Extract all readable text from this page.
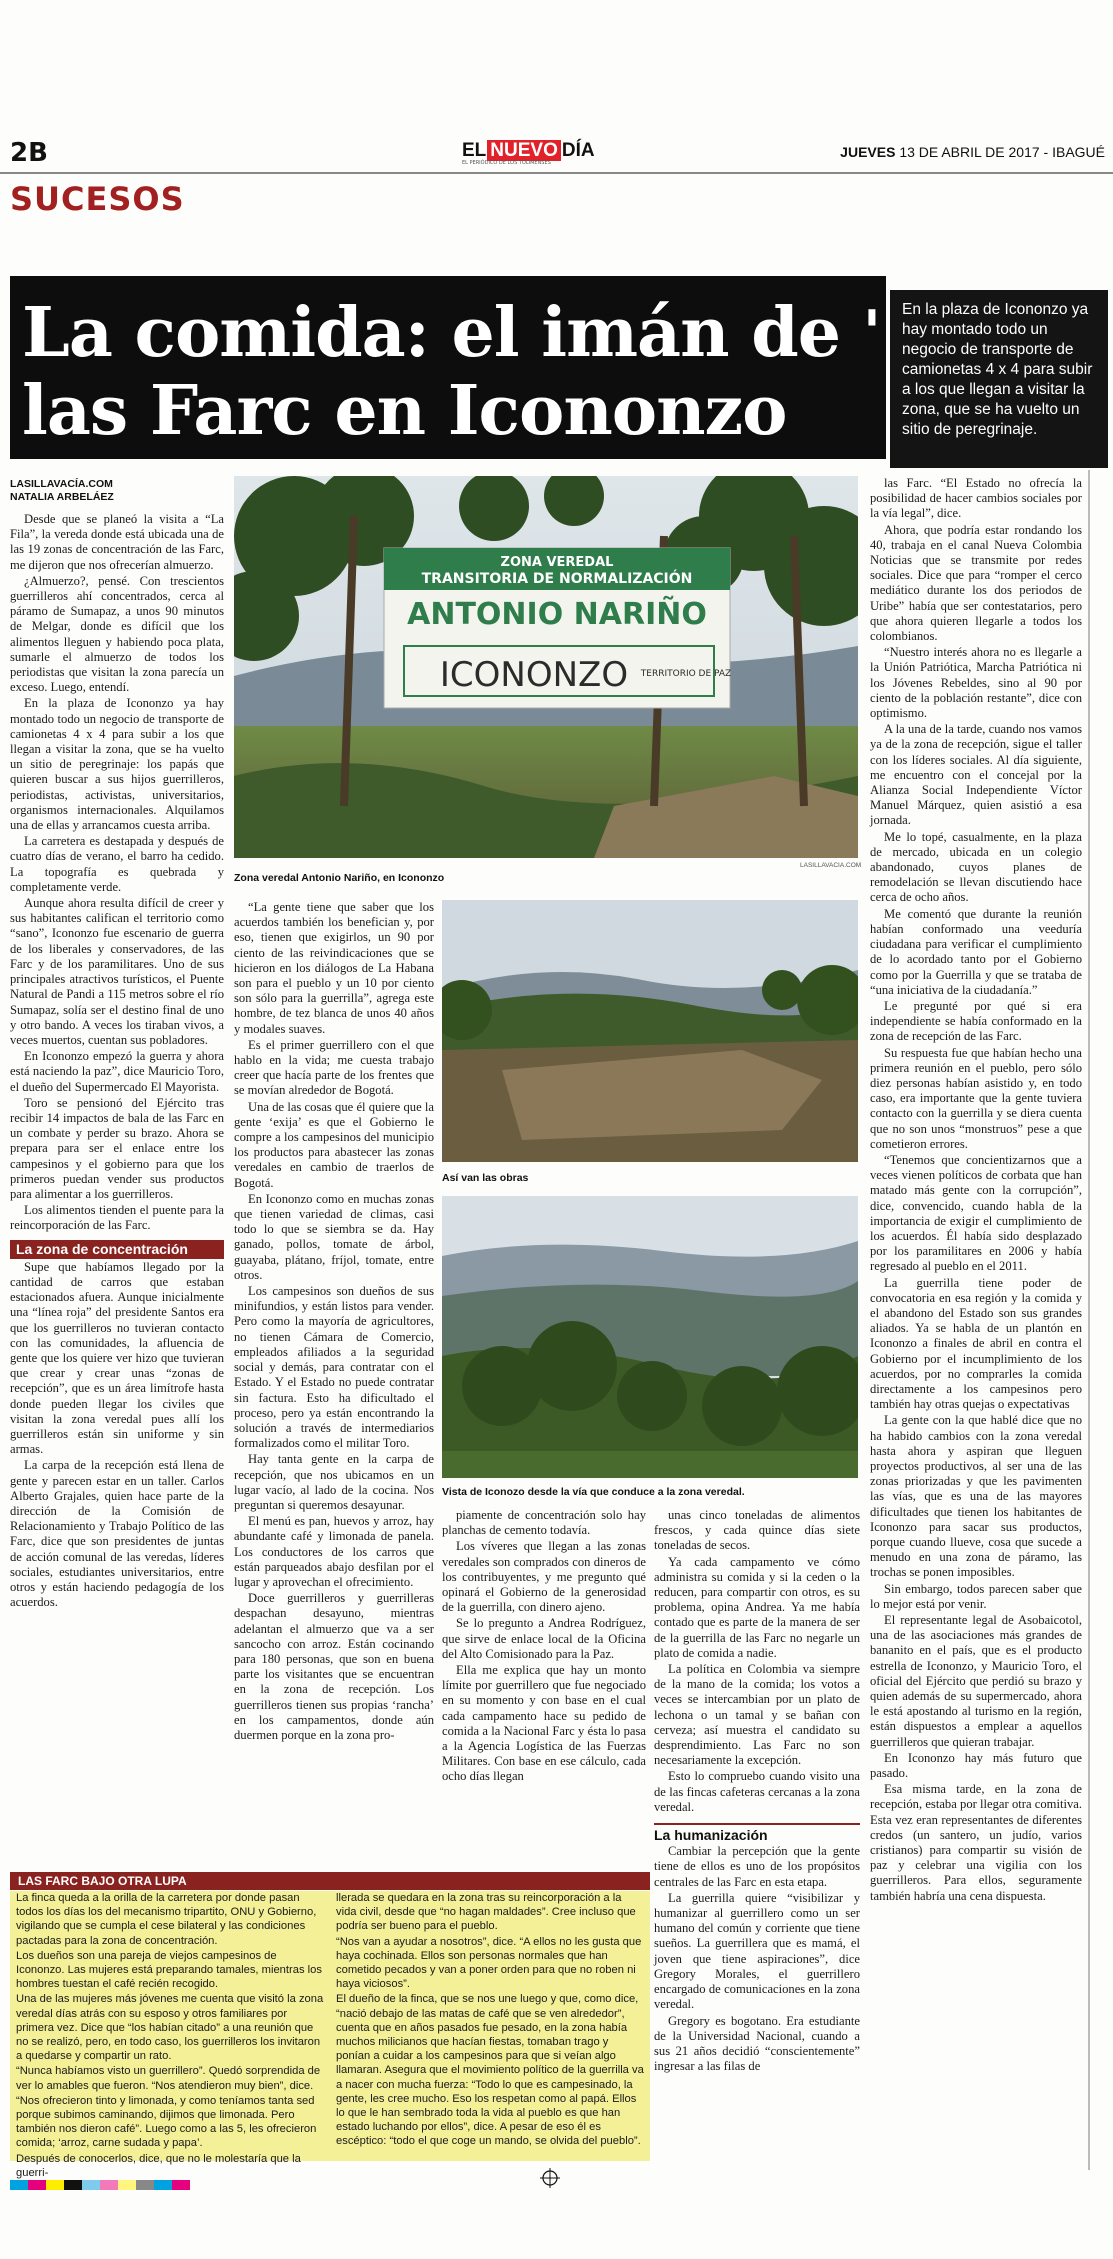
2B	EL NUEVO DÍA
EL PERIÓDICO DE LOS TOLIMENSES
JUEVES 13 DE ABRIL DE 2017 - IBAGUÉ
SUCESOS
La comida: el imán de '
las Farc en Icononzo
En la plaza de Icononzo ya hay montado todo un negocio de transporte de camionetas 4 x 4 para subir a los que llegan a visitar la zona, que se ha vuelto un sitio de peregrinaje.
LASILLAVACÍA.COM
NATALIA ARBELÁEZ

Desde que se planeó la visita a “La Fila”, la vereda donde está ubicada una de las 19 zonas de concentración de las Farc, me dijeron que nos ofrecerían almuerzo.

¿Almuerzo?, pensé. Con trescientos guerrilleros ahí concentrados, cerca al páramo de Sumapaz, a unos 90 minutos de Melgar, donde es difícil que los alimentos lleguen y habiendo poca plata, sumarle el almuerzo de todos los periodistas que visitan la zona parecía un exceso. Luego, entendí.

En la plaza de Icononzo ya hay montado todo un negocio de transporte de camionetas 4 x 4 para subir a los que llegan a visitar la zona, que se ha vuelto un sitio de peregrinaje: los papás que quieren buscar a sus hijos guerrilleros, periodistas, activistas, universitarios, organismos internacionales. Alquilamos una de ellas y arrancamos cuesta arriba.

La carretera es destapada y después de cuatro días de verano, el barro ha cedido. La topografía es quebrada y completamente verde.

Aunque ahora resulta difícil de creer y sus habitantes califican el territorio como “sano”, Icononzo fue escenario de guerra de los liberales y conservadores, de las Farc y de los paramilitares. Uno de sus principales atractivos turísticos, el Puente Natural de Pandi a 115 metros sobre el río Sumapaz, solía ser el destino final de uno y otro bando. A veces los tiraban vivos, a veces muertos, cuentan sus pobladores.

En Icononzo empezó la guerra y ahora está naciendo la paz”, dice Mauricio Toro, el dueño del Supermercado El Mayorista.

Toro se pensionó del Ejército tras recibir 14 impactos de bala de las Farc en un combate y perder su brazo. Ahora se prepara para ser el enlace entre los campesinos y el gobierno para que los primeros puedan vender sus productos para alimentar a los guerrilleros.

Los alimentos tienden el puente para la reincorporación de las Farc.

La zona de concentración

Supe que habíamos llegado por la cantidad de carros que estaban estacionados afuera. Aunque inicialmente una “línea roja” del presidente Santos era que los guerrilleros no tuvieran contacto con las comunidades, la afluencia de gente que los quiere ver hizo que tuvieran que crear y crear unas “zonas de recepción”, que es un área limítrofe hasta donde pueden llegar los civiles que visitan la zona veredal pues allí los guerrilleros están sin uniforme y sin armas.

La carpa de la recepción está llena de gente y parecen estar en un taller. Carlos Alberto Grajales, quien hace parte de la dirección de la Comisión de Relacionamiento y Trabajo Político de las Farc, dice que son presidentes de juntas de acción comunal de las veredas, líderes sociales, estudiantes universitarios, entre otros y están haciendo pedagogía de los acuerdos.

ZONA VEREDAL
TRANSITORIA DE NORMALIZACIÓN
ANTONIO NARIÑO
ICONONZO TERRITORIO DE PAZ
Zona veredal Antonio Nariño, en Icononzo
LASILLAVACIA.COM

“La gente tiene que saber que los acuerdos también los benefician y, por eso, tienen que exigirlos, un 90 por ciento de las reivindicaciones que se hicieron en los diálogos de La Habana son para el pueblo y un 10 por ciento son sólo para la guerrilla”, agrega este hombre, de tez blanca de unos 40 años y modales suaves.

Es el primer guerrillero con el que hablo en la vida; me cuesta trabajo creer que hacía parte de los frentes que se movían alrededor de Bogotá.

Una de las cosas que él quiere que la gente ‘exija’ es que el Gobierno le compre a los campesinos del municipio los productos para abastecer las zonas veredales en cambio de traerlos de Bogotá.

En Icononzo como en muchas zonas que tienen variedad de climas, casi todo lo que se siembra se da. Hay ganado, pollos, tomate de árbol, guayaba, plátano, fríjol, tomate, entre otros.

Los campesinos son dueños de sus minifundios, y están listos para vender. Pero como la mayoría de agricultores, no tienen Cámara de Comercio, empleados afiliados a la seguridad social y demás, para contratar con el Estado. Y el Estado no puede contratar sin factura. Esto ha dificultado el proceso, pero ya están encontrando la solución a través de intermediarios formalizados como el militar Toro.

Hay tanta gente en la carpa de recepción, que nos ubicamos en un lugar vacío, al lado de la cocina. Nos preguntan si queremos desayunar.

El menú es pan, huevos y arroz, hay abundante café y limonada de panela. Los conductores de los carros que están parqueados abajo desfilan por el lugar y aprovechan el ofrecimiento.

Doce guerrilleros y guerrilleras despachan desayuno, mientras adelantan el almuerzo que va a ser sancocho con arroz. Están cocinando para 180 personas, que son en buena parte los visitantes que se encuentran en la zona de recepción. Los guerrilleros tienen sus propias ‘rancha’ en los campamentos, donde aún duermen porque en la zona pro-

Así van las obras
Vista de Iconozo desde la vía que conduce a la zona veredal.

piamente de concentración solo hay planchas de cemento todavía.

Los víveres que llegan a las zonas veredales son comprados con dineros de los contribuyentes, y me pregunto qué opinará el Gobierno de la generosidad de la guerrilla, con dinero ajeno.

Se lo pregunto a Andrea Rodríguez, que sirve de enlace local de la Oficina del Alto Comisionado para la Paz.

Ella me explica que hay un monto límite por guerrillero que fue negociado en su momento y con base en el cual cada campamento hace su pedido de comida a la Nacional Farc y ésta lo pasa a la Agencia Logística de las Fuerzas Militares. Con base en ese cálculo, cada ocho días llegan

unas cinco toneladas de alimentos frescos, y cada quince días siete toneladas de secos.

Ya cada campamento ve cómo administra su comida y si la ceden o la reducen, para compartir con otros, es su problema, opina Andrea. Ya me había contado que es parte de la manera de ser de la guerrilla de las Farc no negarle un plato de comida a nadie.

La política en Colombia va siempre de la mano de la comida; los votos a veces se intercambian por un plato de lechona o un tamal y se bañan con cerveza; así muestra el candidato su desprendimiento. Las Farc no son necesariamente la excepción.

Esto lo compruebo cuando visito una de las fincas cafeteras cercanas a la zona veredal.

La humanización

Cambiar la percepción que la gente tiene de ellos es uno de los propósitos centrales de las Farc en esta etapa.

La guerrilla quiere “visibilizar y humanizar al guerrillero como un ser humano del común y corriente que tiene sueños. La guerrillera que es mamá, el joven que tiene aspiraciones”, dice Gregory Morales, el guerrillero encargado de comunicaciones en la zona veredal.

Gregory es bogotano. Era estudiante de la Universidad Nacional, cuando a sus 21 años decidió “conscientemente” ingresar a las filas de

las Farc. “El Estado no ofrecía la posibilidad de hacer cambios sociales por la vía legal”, dice.

Ahora, que podría estar rondando los 40, trabaja en el canal Nueva Colombia Noticias que se transmite por redes sociales. Dice que para “romper el cerco mediático durante los dos periodos de Uribe” había que ser contestatarios, pero que ahora quieren llegarle a todos los colombianos.

“Nuestro interés ahora no es llegarle a la Unión Patriótica, Marcha Patriótica ni los Jóvenes Rebeldes, sino al 90 por ciento de la población restante”, dice con optimismo.

A la una de la tarde, cuando nos vamos ya de la zona de recepción, sigue el taller con los líderes sociales. Al día siguiente, me encuentro con el concejal por la Alianza Social Independiente Víctor Manuel Márquez, quien asistió a esa jornada.

Me lo topé, casualmente, en la plaza de mercado, ubicada en un colegio abandonado, cuyos planes de remodelación se llevan discutiendo hace cerca de ocho años.

Me comentó que durante la reunión habían conformado una veeduría ciudadana para verificar el cumplimiento de lo acordado tanto por el Gobierno como por la Guerrilla y que se trataba de “una iniciativa de la ciudadanía.”

Le pregunté por qué si era independiente se había conformado en la zona de recepción de las Farc.

Su respuesta fue que habían hecho una primera reunión en el pueblo, pero sólo diez personas habían asistido y, en todo caso, era importante que la gente tuviera contacto con la guerrilla y se diera cuenta que no son unos “monstruos” pese a que cometieron errores.

“Tenemos que concientizarnos que a veces vienen políticos de corbata que han matado más gente con la corrupción”, dice, convencido, cuando habla de la importancia de exigir el cumplimiento de los acuerdos. Él había sido desplazado por los paramilitares en 2006 y había regresado al pueblo en el 2011.

La guerrilla tiene poder de convocatoria en esa región y la comida y el abandono del Estado son sus grandes aliados. Ya se habla de un plantón en Icononzo a finales de abril en contra el Gobierno por el incumplimiento de los acuerdos, por no comprarles la comida directamente a los campesinos pero también hay otras quejas o expectativas

La gente con la que hablé dice que no ha habido cambios con la zona veredal hasta ahora y aspiran que lleguen proyectos productivos, al ser una de las zonas priorizadas y que les pavimenten las vías, que es una de las mayores dificultades que tienen los habitantes de Icononzo para sacar sus productos, porque cuando llueve, cosa que sucede a menudo en una zona de páramo, las trochas se ponen imposibles.

Sin embargo, todos parecen saber que lo mejor está por venir.

El representante legal de Asobaicotol, una de las asociaciones más grandes de bananito en el país, que es el producto estrella de Icononzo, y Mauricio Toro, el oficial del Ejército que perdió su brazo y quien además de su supermercado, ahora le está apostando al turismo en la región, están dispuestos a emplear a aquellos guerrilleros que quieran trabajar.

En Icononzo hay más futuro que pasado.

Esa misma tarde, en la zona de recepción, estaba por llegar otra comitiva. Esta vez eran representantes de diferentes credos (un santero, un judío, varios cristianos) para compartir su visión de paz y celebrar una vigilia con los guerrilleros. Para ellos, seguramente también habría una cena dispuesta.

LAS FARC BAJO OTRA LUPA

La finca queda a la orilla de la carretera por donde pasan todos los días los del mecanismo tripartito, ONU y Gobierno, vigilando que se cumpla el cese bilateral y las condiciones pactadas para la zona de concentración.

Los dueños son una pareja de viejos campesinos de Icononzo. Las mujeres está preparando tamales, mientras los hombres tuestan el café recién recogido.

Una de las mujeres más jóvenes me cuenta que visitó la zona veredal días atrás con su esposo y otros familiares por primera vez. Dice que “los habían citado” a una reunión que no se realizó, pero, en todo caso, los guerrilleros los invitaron a quedarse y compartir un rato.

“Nunca habíamos visto un guerrillero”. Quedó sorprendida de ver lo amables que fueron. “Nos atendieron muy bien”, dice.

“Nos ofrecieron tinto y limonada, y como teníamos tanta sed porque subimos caminando, dijimos que limonada. Pero también nos dieron café”. Luego como a las 5, les ofrecieron comida; ‘arroz, carne sudada y papa’.

Después de conocerlos, dice, que no le molestaría que la guerri-

llerada se quedara en la zona tras su reincorporación a la vida civil, desde que “no hagan maldades”. Cree incluso que podría ser bueno para el pueblo.

“Nos van a ayudar a nosotros”, dice. “A ellos no les gusta que haya cochinada. Ellos son personas normales que han cometido pecados y van a poner orden para que no roben ni haya viciosos”.

El dueño de la finca, que se nos une luego y que, como dice, “nació debajo de las matas de café que se ven alrededor”, cuenta que en años pasados fue pesado, en la zona había muchos milicianos que hacían fiestas, tomaban trago y ponían a cuidar a los campesinos para que si veían algo llamaran. Asegura que el movimiento político de la guerrilla va a nacer con mucha fuerza: “Todo lo que es campesinado, la gente, les cree mucho. Eso los respetan como al papá. Ellos lo que le han sembrado toda la vida al pueblo es que han estado luchando por ellos”, dice. A pesar de eso él es escéptico: “todo el que coge un mando, se olvida del pueblo”.
